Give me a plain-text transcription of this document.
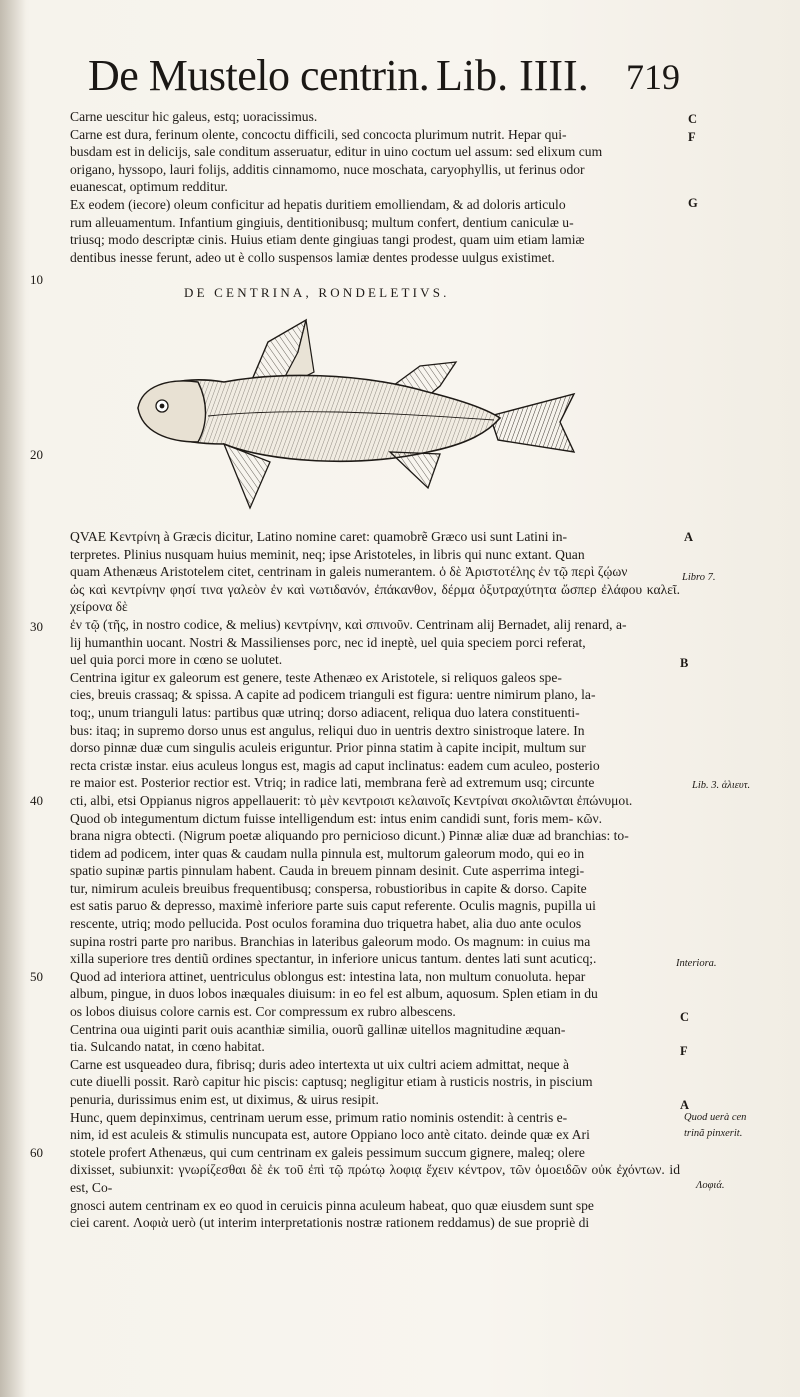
De Mustelo centrin. Lib. IIII. 719

Carne uescitur hic galeus, estq; uoracissimus.

Carne est dura, ferinum olente, concoctu difficili, sed concocta plurimum nutrit. Hepar qui-

busdam est in delicijs, sale conditum asseruatur, editur in uino coctum uel assum: sed elixum cum

origano, hyssopo, lauri folijs, additis cinnamomo, nuce moschata, caryophyllis, ut ferinus odor

euanescat, optimum redditur.

Ex eodem (iecore) oleum conficitur ad hepatis duritiem emolliendam, & ad doloris articulo

rum alleuamentum. Infantium gingiuis, dentitionibusq; multum confert, dentium caniculæ u-

triusq; modo descriptæ cinis. Huius etiam dente gingiuas tangi prodest, quam uim etiam lamiæ

dentibus inesse ferunt, adeo ut è collo suspensos lamiæ dentes prodesse uulgus existimet.

DE CENTRINA, RONDELETIVS.

QVAE Κεντρίνη à Græcis dicitur, Latino nomine caret: quamobrẽ Græco usi sunt Latini in-

terpretes. Plinius nusquam huius meminit, neq; ipse Aristoteles, in libris qui nunc extant. Quan

quam Athenæus Aristotelem citet, centrinam in galeis numerantem. ὁ δὲ Ἀριστοτέλης ἐν τῷ περὶ ζῴων

ὡς καὶ κεντρίνην φησί τινα γαλεὸν ἐν καὶ νωτιδανόν, ἐπάκανθον, δέρμα ὀξυτραχύτητα ὥσπερ ἐλάφου καλεῖ. χείρονα δὲ

ἐν τῷ (τῆς, in nostro codice, & melius) κεντρίνην, καὶ σπινοῦν. Centrinam alij Bernadet, alij renard, a-

lij humanthin uocant. Nostri & Massilienses porc, nec id ineptè, uel quia speciem porci referat,

uel quia porci more in cœno se uolutet.

Centrina igitur ex galeorum est genere, teste Athenæo ex Aristotele, si reliquos galeos spe-

cies, breuis crassaq; & spissa. A capite ad podicem trianguli est figura: uentre nimirum plano, la-

toq;, unum trianguli latus: partibus quæ utrinq; dorso adiacent, reliqua duo latera constituenti-

bus: itaq; in supremo dorso unus est angulus, reliqui duo in uentris dextro sinistroque latere. In

dorso pinnæ duæ cum singulis aculeis eriguntur. Prior pinna statim à capite incipit, multum sur

recta cristæ instar. eius aculeus longus est, magis ad caput inclinatus: eadem cum aculeo, posterio

re maior est. Posterior rectior est. Vtriq; in radice lati, membrana ferè ad extremum usq; circunte

cti, albi, etsi Oppianus nigros appellauerit: τὸ μὲν κεντροισι κελαινοῖς Κεντρίναι σκολιῶνται ἐπώνυμοι.

Quod ob integumentum dictum fuisse intelligendum est: intus enim candidi sunt, foris mem- κῶν.

brana nigra obtecti. (Nigrum poetæ aliquando pro pernicioso dicunt.) Pinnæ aliæ duæ ad branchias: to-

tidem ad podicem, inter quas & caudam nulla pinnula est, multorum galeorum modo, qui eo in

spatio supinæ partis pinnulam habent. Cauda in breuem pinnam desinit. Cute asperrima integi-

tur, nimirum aculeis breuibus frequentibusq; conspersa, robustioribus in capite & dorso. Capite

est satis paruo & depresso, maximè inferiore parte suis caput referente. Oculis magnis, pupilla ui

rescente, utriq; modo pellucida. Post oculos foramina duo triquetra habet, alia duo ante oculos

supina rostri parte pro naribus. Branchias in lateribus galeorum modo. Os magnum: in cuius ma

xilla superiore tres dentiũ ordines spectantur, in inferiore unicus tantum. dentes lati sunt acuticq;.

Quod ad interiora attinet, uentriculus oblongus est: intestina lata, non multum conuoluta. hepar

album, pingue, in duos lobos inæquales diuisum: in eo fel est album, aquosum. Splen etiam in du

os lobos diuisus colore carnis est. Cor compressum ex rubro albescens.

Centrina oua uiginti parit ouis acanthiæ similia, ouorũ gallinæ uitellos magnitudine æquan-

tia. Sulcando natat, in cœno habitat.

Carne est usqueadeo dura, fibrisq; duris adeo intertexta ut uix cultri aciem admittat, neque à

cute diuelli possit. Rarò capitur hic piscis: captusq; negligitur etiam à rusticis nostris, in piscium

penuria, durissimus enim est, ut diximus, & uirus resipit.

Hunc, quem depinximus, centrinam uerum esse, primum ratio nominis ostendit: à centris e-

nim, id est aculeis & stimulis nuncupata est, autore Oppiano loco antè citato. deinde quæ ex Ari

stotele profert Athenæus, qui cum centrinam ex galeis pessimum succum gignere, maleq; olere

dixisset, subiunxit: γνωρίζεσθαι δὲ ἐκ τοῦ ἐπὶ τῷ πρώτῳ λοφιᾳ ἔχειν κέντρον, τῶν ὁμοειδῶν οὐκ ἐχόντων. id est, Co-

gnosci autem centrinam ex eo quod in ceruicis pinna aculeum habeat, quo quæ eiusdem sunt spe

ciei carent. Λοφιὰ uerò (ut interim interpretationis nostræ rationem reddamus) de sue propriè di

10
20
30
40
50
60
C
F
G
A
B
C
F
A
Libro 7.
Lib. 3. ἁλιευτ.
Interiora.
Quod uerà cen
trinã pinxerit.
Λοφιά.
